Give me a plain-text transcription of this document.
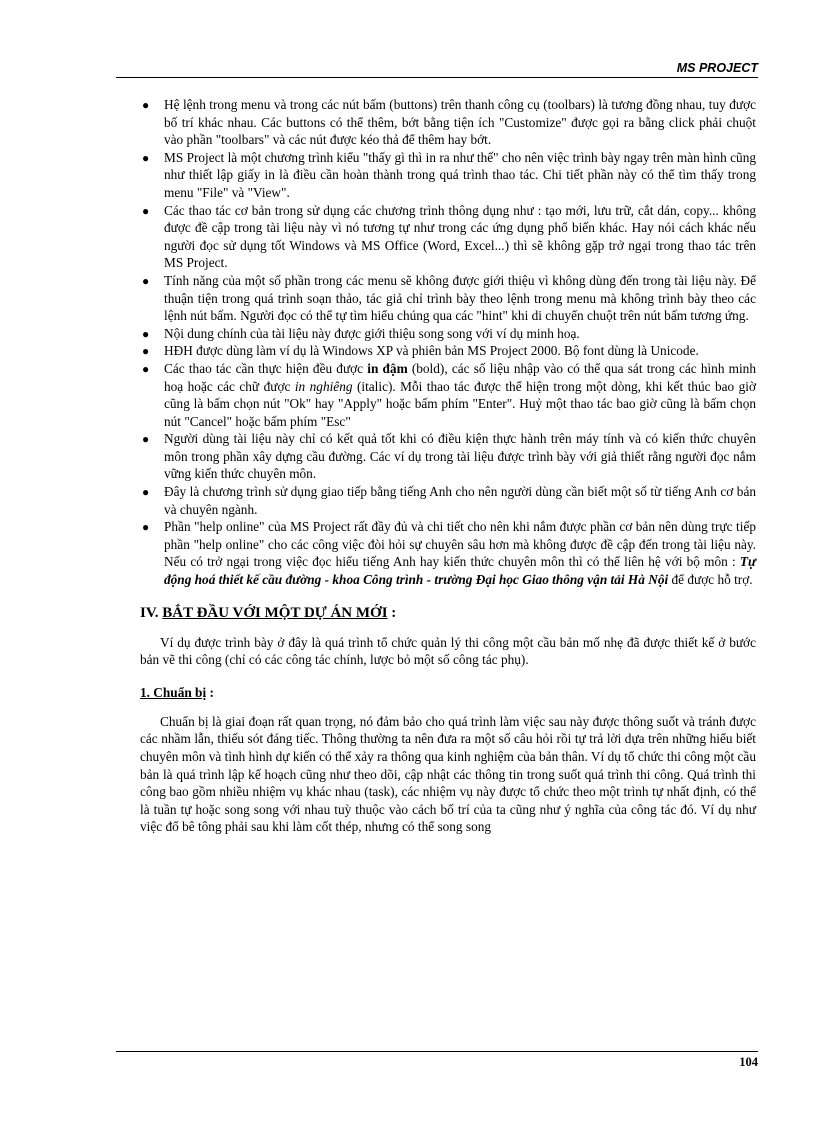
MS PROJECT
● Hệ lệnh trong menu và trong các nút bấm (buttons) trên thanh công cụ (toolbars) là tương đồng nhau, tuy được bố trí khác nhau. Các buttons có thể thêm, bớt bằng tiện ích "Customize" được gọi ra bằng click phải chuột vào phần "toolbars" và các nút được kéo thả để thêm hay bớt.
● MS Project là một chương trình kiểu "thấy gì thì in ra như thế" cho nên việc trình bày ngay trên màn hình cũng như thiết lập giấy in là điều cần hoàn thành trong quá trình thao tác. Chi tiết phần này có thể tìm thấy trong menu "File" và "View".
● Các thao tác cơ bản trong sử dụng các chương trình thông dụng như : tạo mới, lưu trữ, cắt dán, copy... không được đề cập trong tài liệu này vì nó tương tự như trong các ứng dụng phổ biến khác. Hay nói cách khác nếu người đọc sử dụng tốt Windows và MS Office (Word, Excel...) thì sẽ không gặp trở ngại trong thao tác trên MS Project.
● Tính năng của một số phần trong các menu sẽ không được giới thiệu vì không dùng đến trong tài liệu này. Để thuận tiện trong quá trình soạn thảo, tác giả chỉ trình bày theo lệnh trong menu mà không trình bày theo các lệnh nút bấm. Người đọc có thể tự tìm hiểu chúng qua các "hint" khi di chuyển chuột trên nút bấm tương ứng.
● Nội dung chính của tài liệu này được giới thiệu song song với ví dụ minh hoạ.
● HĐH được dùng làm ví dụ là Windows XP và phiên bản MS Project 2000. Bộ font dùng là Unicode.
● Các thao tác cần thực hiện đều được in đậm (bold), các số liệu nhập vào có thể qua sát trong các hình minh hoạ hoặc các chữ được in nghiêng (italic). Mỗi thao tác được thể hiện trong một dòng, khi kết thúc bao giờ cũng là bấm chọn nút "Ok" hay "Apply" hoặc bấm phím "Enter". Huỷ một thao tác bao giờ cũng là bấm chọn nút "Cancel" hoặc bấm phím "Esc"
● Người dùng tài liệu này chỉ có kết quả tốt khi có điều kiện thực hành trên máy tính và có kiến thức chuyên môn trong phần xây dựng cầu đường. Các ví dụ trong tài liệu được trình bày với giả thiết rằng người đọc nắm vững kiến thức chuyên môn.
● Đây là chương trình sử dụng giao tiếp bằng tiếng Anh cho nên người dùng cần biết một số từ tiếng Anh cơ bản và chuyên ngành.
● Phần "help online" của MS Project rất đầy đủ và chi tiết cho nên khi nắm được phần cơ bản nên dùng trực tiếp phần "help online" cho các công việc đòi hỏi sự chuyên sâu hơn mà không được đề cập đến trong tài liệu này. Nếu có trở ngại trong việc đọc hiểu tiếng Anh hay kiến thức chuyên môn thì có thể liên hệ với bộ môn : Tự động hoá thiết kế cầu đường - khoa Công trình - trường Đại học Giao thông vận tải Hà Nội để được hỗ trợ.
IV. BẮT ĐẦU VỚI MỘT DỰ ÁN MỚI :

Ví dụ được trình bày ở đây là quá trình tổ chức quản lý thi công một cầu bản mố nhẹ đã được thiết kế ở bước bản vẽ thi công (chỉ có các công tác chính, lược bỏ một số công tác phụ).

1. Chuẩn bị :

Chuẩn bị là giai đoạn rất quan trọng, nó đảm bảo cho quá trình làm việc sau này được thông suốt và tránh được các nhầm lẫn, thiếu sót đáng tiếc. Thông thường ta nên đưa ra một số câu hỏi rồi tự trả lời dựa trên những hiểu biết chuyên môn và tình hình dự kiến có thể xảy ra thông qua kinh nghiệm của bản thân. Ví dụ tổ chức thi công một cầu bản là quá trình lập kế hoạch cũng như theo dõi, cập nhật các thông tin trong suốt quá trình thi công. Quá trình thi công bao gồm nhiều nhiệm vụ khác nhau (task), các nhiệm vụ này được tổ chức theo một trình tự nhất định, có thể là tuần tự hoặc song song với nhau tuỳ thuộc vào cách bố trí của ta cũng như ý nghĩa của công tác đó. Ví dụ như việc đổ bê tông phải sau khi làm cốt thép, nhưng có thể song song

104
